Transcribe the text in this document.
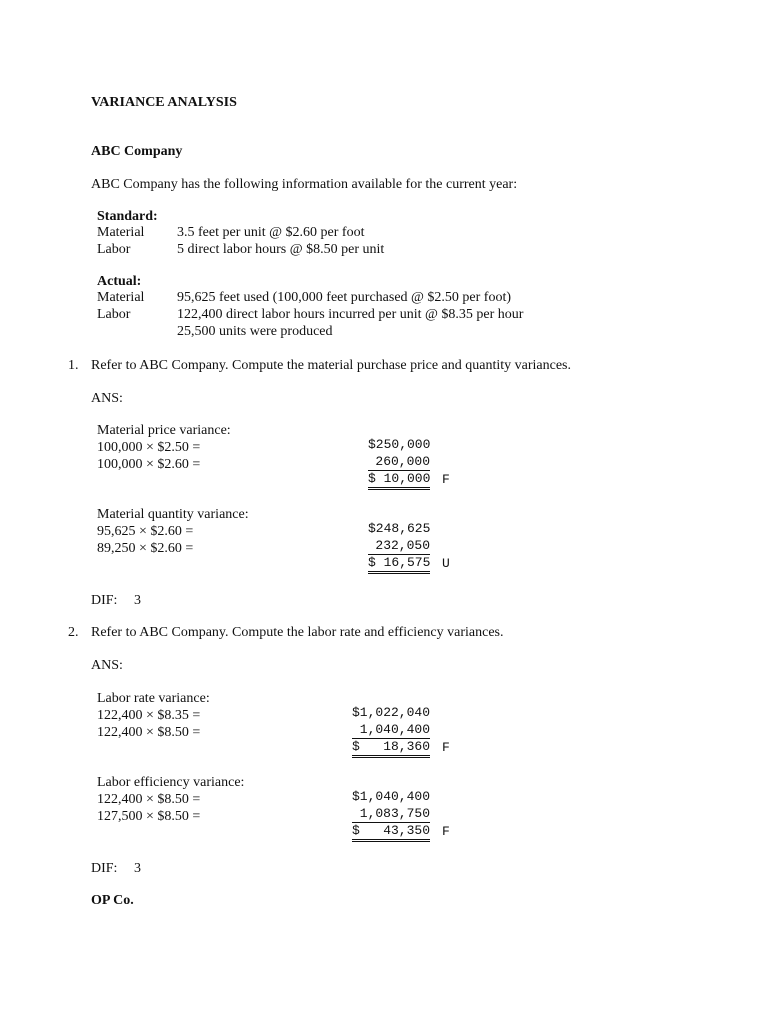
VARIANCE ANALYSIS
ABC Company
ABC Company has the following information available for the current year:
Standard:
Material 3.5 feet per unit @ $2.60 per foot
Labor	5 direct labor hours @ $8.50 per unit
Actual:
Material 95,625 feet used (100,000 feet purchased @ $2.50 per foot)
Labor	122,400 direct labor hours incurred per unit @ $8.35 per hour
25,500 units were produced
1. Refer to ABC Company. Compute the material purchase price and quantity variances.
ANS:
Material price variance:
100,000 × $2.50 =
100,000 × $2.60 =
$250,000
260,000
$ 10,000 F
Material quantity variance:
95,625 × $2.60 =
89,250 × $2.60 =
$248,625
232,050
$ 16,575 U
DIF: 3
2. Refer to ABC Company. Compute the labor rate and efficiency variances.
ANS:
Labor rate variance:
122,400 × $8.35 =
122,400 × $8.50 =
$1,022,040
1,040,400
$ 18,360 F
Labor efficiency variance:
122,400 × $8.50 =
127,500 × $8.50 =
$1,040,400
1,083,750
$ 43,350 F
DIF: 3
OP Co.
